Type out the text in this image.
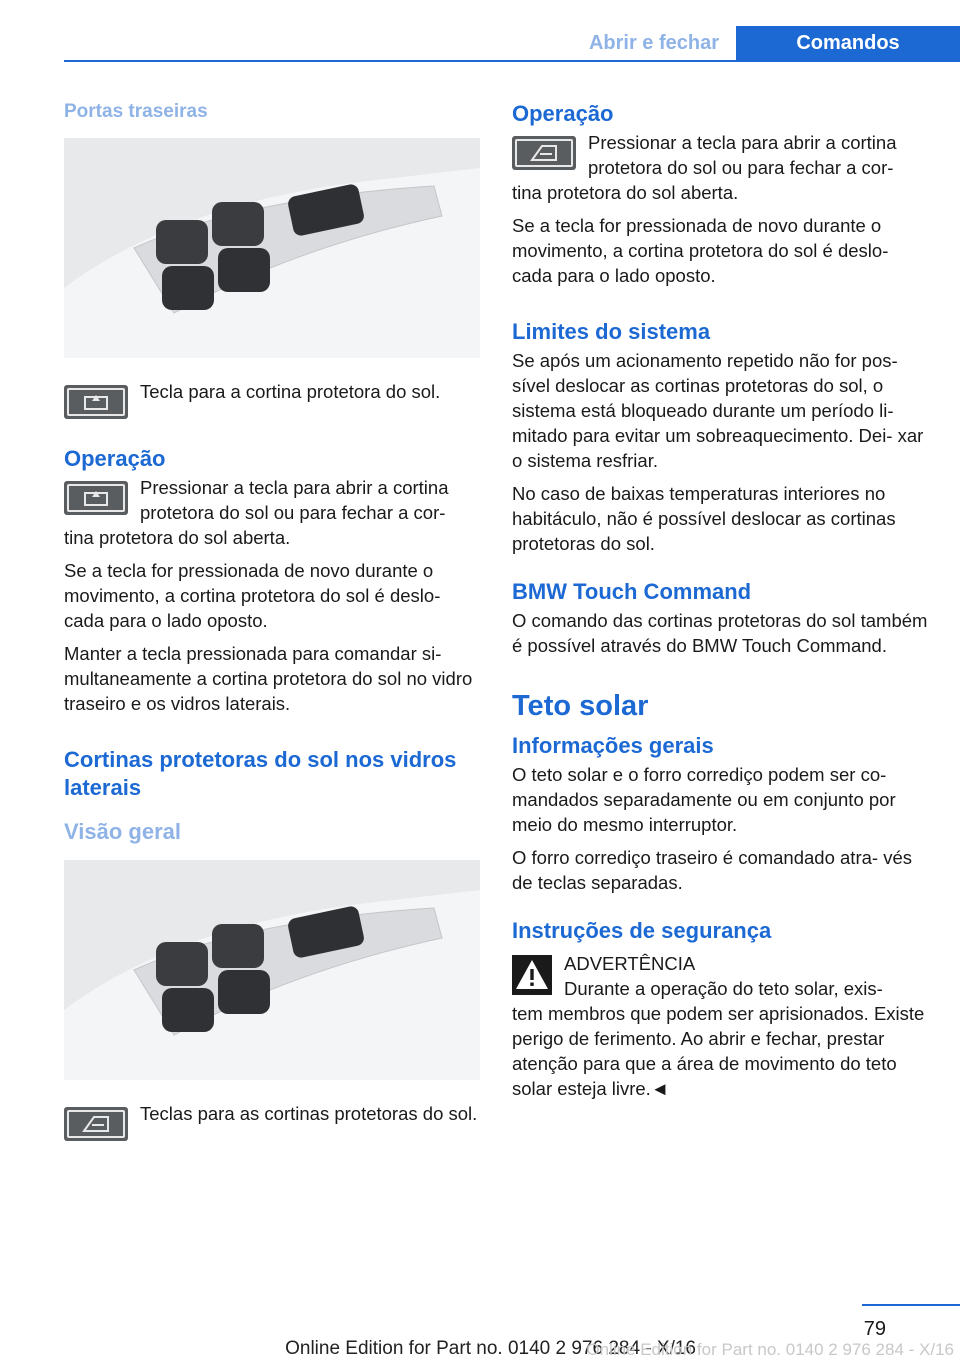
Abrir e fechar	Comandos
Portas traseiras

Tecla para a cortina protetora do sol.

Operação

Pressionar a tecla para abrir a cortina protetora do sol ou para fechar a cor-

tina protetora do sol aberta.

Se a tecla for pressionada de novo durante o movimento, a cortina protetora do sol é deslo- cada para o lado oposto.

Manter a tecla pressionada para comandar si- multaneamente a cortina protetora do sol no vidro traseiro e os vidros laterais.

Cortinas protetoras do sol nos vidros laterais
Visão geral

Teclas para as cortinas protetoras do sol.

Operação

Pressionar a tecla para abrir a cortina protetora do sol ou para fechar a cor-

tina protetora do sol aberta.

Se a tecla for pressionada de novo durante o movimento, a cortina protetora do sol é deslo- cada para o lado oposto.

Limites do sistema

Se após um acionamento repetido não for pos- sível deslocar as cortinas protetoras do sol, o sistema está bloqueado durante um período li- mitado para evitar um sobreaquecimento. Dei- xar o sistema resfriar.

No caso de baixas temperaturas interiores no habitáculo, não é possível deslocar as cortinas protetoras do sol.

BMW Touch Command

O comando das cortinas protetoras do sol também é possível através do BMW Touch Command.

Teto solar
Informações gerais

O teto solar e o forro corrediço podem ser co- mandados separadamente ou em conjunto por meio do mesmo interruptor.

O forro corrediço traseiro é comandado atra- vés de teclas separadas.

Instruções de segurança

ADVERTÊNCIA

Durante a operação do teto solar, exis-

tem membros que podem ser aprisionados. Existe perigo de ferimento. Ao abrir e fechar, prestar atenção para que a área de movimento do teto solar esteja livre.◄

79
Online Edition for Part no. 0140 2 976 284 - X/16
Online Edition for Part no. 0140 2 976 284 - X/16
